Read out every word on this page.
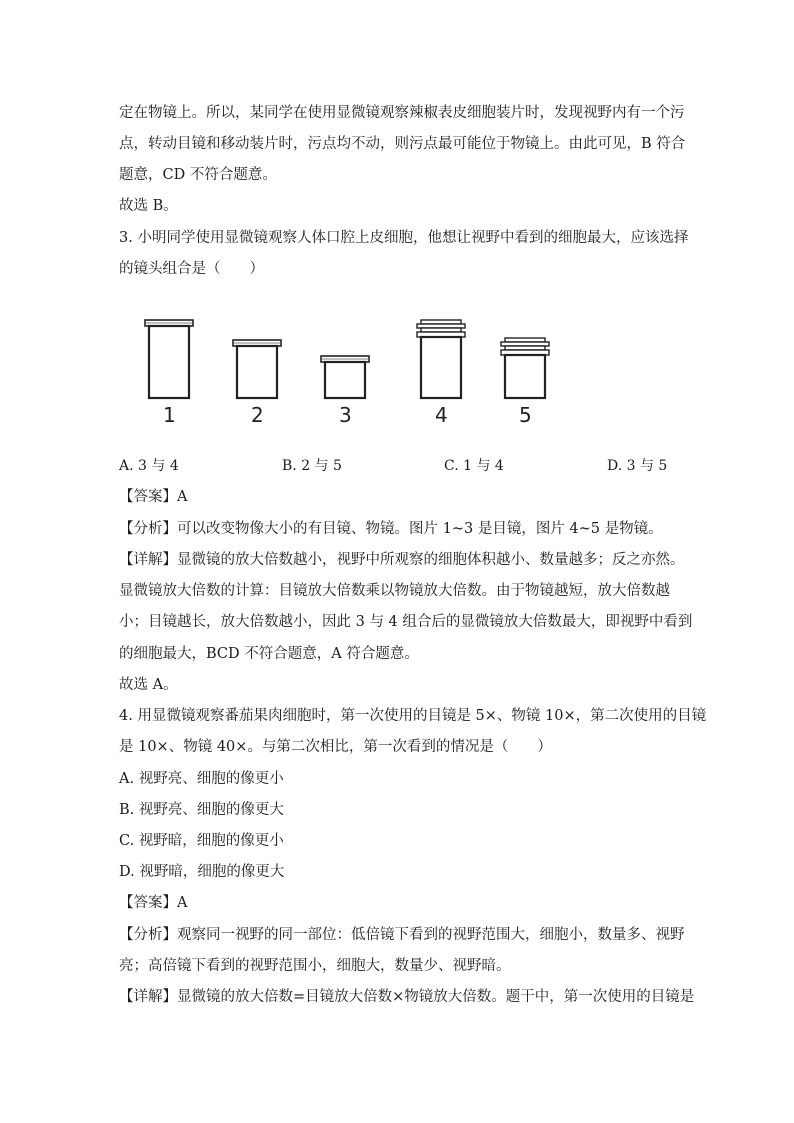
定在物镜上。所以，某同学在使用显微镜观察辣椒表皮细胞装片时，发现视野内有一个污
点，转动目镜和移动装片时，污点均不动，则污点最可能位于物镜上。由此可见，B 符合
题意，CD 不符合题意。
故选 B。
3. 小明同学使用显微镜观察人体口腔上皮细胞，他想让视野中看到的细胞最大，应该选择
的镜头组合是（　　）
1	2	3	4	5
A. 3 与 4	B. 2 与 5	C. 1 与 4	D. 3 与 5
【答案】A
【分析】可以改变物像大小的有目镜、物镜。图片 1~3 是目镜，图片 4~5 是物镜。
【详解】显微镜的放大倍数越小，视野中所观察的细胞体积越小、数量越多；反之亦然。
显微镜放大倍数的计算：目镜放大倍数乘以物镜放大倍数。由于物镜越短，放大倍数越
小；目镜越长，放大倍数越小，因此 3 与 4 组合后的显微镜放大倍数最大，即视野中看到
的细胞最大，BCD 不符合题意，A 符合题意。
故选 A。
4. 用显微镜观察番茄果肉细胞时，第一次使用的目镜是 5×、物镜 10×，第二次使用的目镜
是 10×、物镜 40×。与第二次相比，第一次看到的情况是（　　）
A. 视野亮、细胞的像更小
B. 视野亮、细胞的像更大
C. 视野暗，细胞的像更小
D. 视野暗，细胞的像更大
【答案】A
【分析】观察同一视野的同一部位：低倍镜下看到的视野范围大，细胞小，数量多、视野
亮；高倍镜下看到的视野范围小，细胞大，数量少、视野暗。
【详解】显微镜的放大倍数=目镜放大倍数×物镜放大倍数。题干中，第一次使用的目镜是
